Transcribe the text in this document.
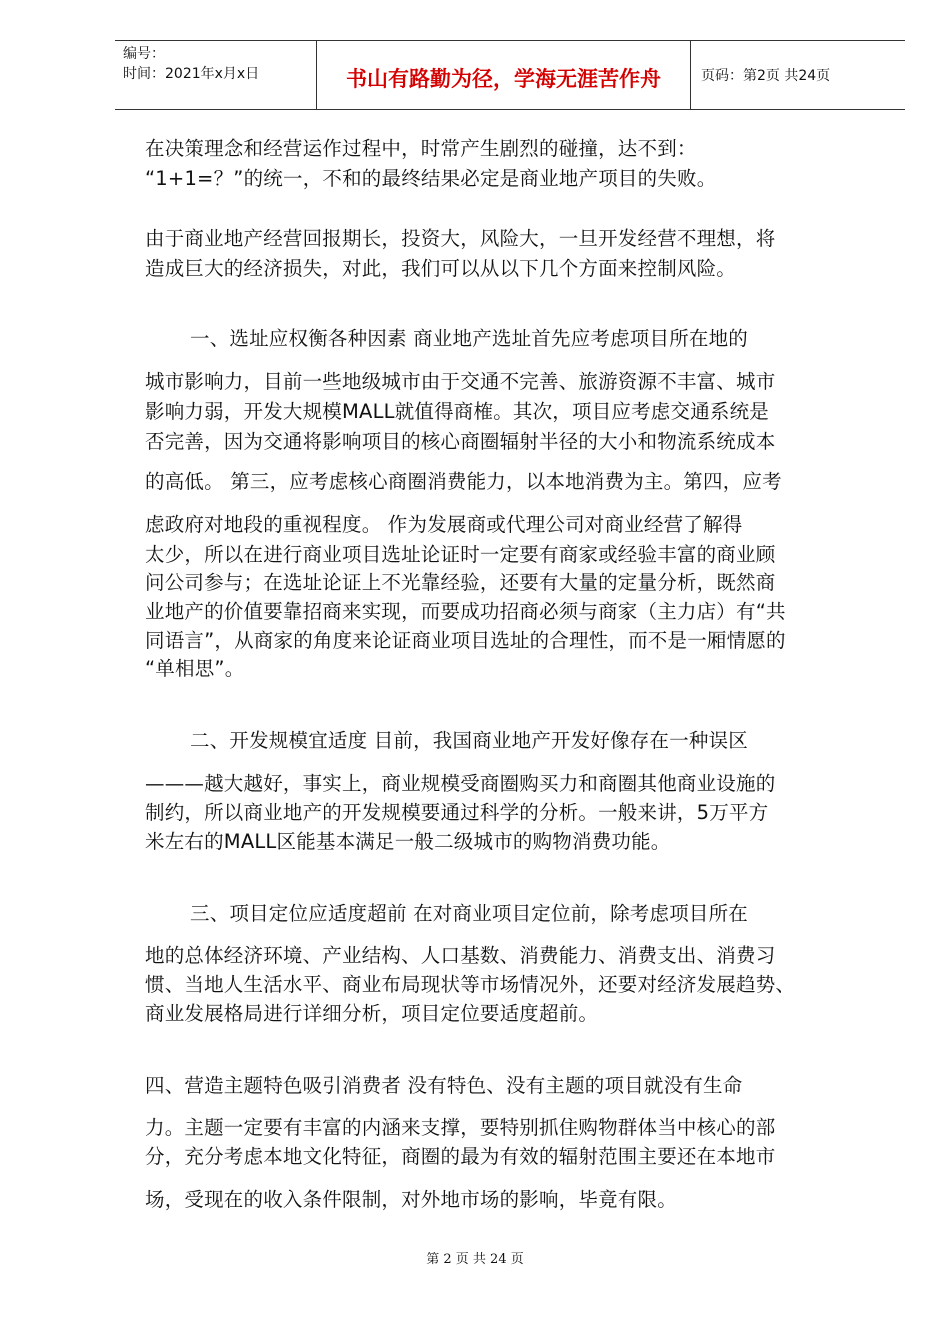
编号：
时间：2021年x月x日	书山有路勤为径，学海无涯苦作舟	页码：第2页 共24页
在决策理念和经营运作过程中，时常产生剧烈的碰撞，达不到：
“1+1=？”的统一，不和的最终结果必定是商业地产项目的失败。
由于商业地产经营回报期长，投资大，风险大，一旦开发经营不理想，将
造成巨大的经济损失，对此，我们可以从以下几个方面来控制风险。
一、选址应权衡各种因素 商业地产选址首先应考虑项目所在地的
城市影响力，目前一些地级城市由于交通不完善、旅游资源不丰富、城市
影响力弱，开发大规模MALL就值得商榷。其次，项目应考虑交通系统是
否完善，因为交通将影响项目的核心商圈辐射半径的大小和物流系统成本
的高低。 第三，应考虑核心商圈消费能力，以本地消费为主。第四，应考
虑政府对地段的重视程度。 作为发展商或代理公司对商业经营了解得
太少，所以在进行商业项目选址论证时一定要有商家或经验丰富的商业顾
问公司参与；在选址论证上不光靠经验，还要有大量的定量分析，既然商
业地产的价值要靠招商来实现，而要成功招商必须与商家（主力店）有“共
同语言”，从商家的角度来论证商业项目选址的合理性，而不是一厢情愿的
“单相思”。
二、开发规模宜适度 目前，我国商业地产开发好像存在一种误区
———越大越好，事实上，商业规模受商圈购买力和商圈其他商业设施的
制约，所以商业地产的开发规模要通过科学的分析。一般来讲，5万平方
米左右的MALL区能基本满足一般二级城市的购物消费功能。
三、项目定位应适度超前 在对商业项目定位前，除考虑项目所在
地的总体经济环境、产业结构、人口基数、消费能力、消费支出、消费习
惯、当地人生活水平、商业布局现状等市场情况外，还要对经济发展趋势、
商业发展格局进行详细分析，项目定位要适度超前。
四、营造主题特色吸引消费者 没有特色、没有主题的项目就没有生命
力。主题一定要有丰富的内涵来支撑，要特别抓住购物群体当中核心的部
分，充分考虑本地文化特征，商圈的最为有效的辐射范围主要还在本地市
场，受现在的收入条件限制，对外地市场的影响，毕竟有限。
第 2 页 共 24 页
